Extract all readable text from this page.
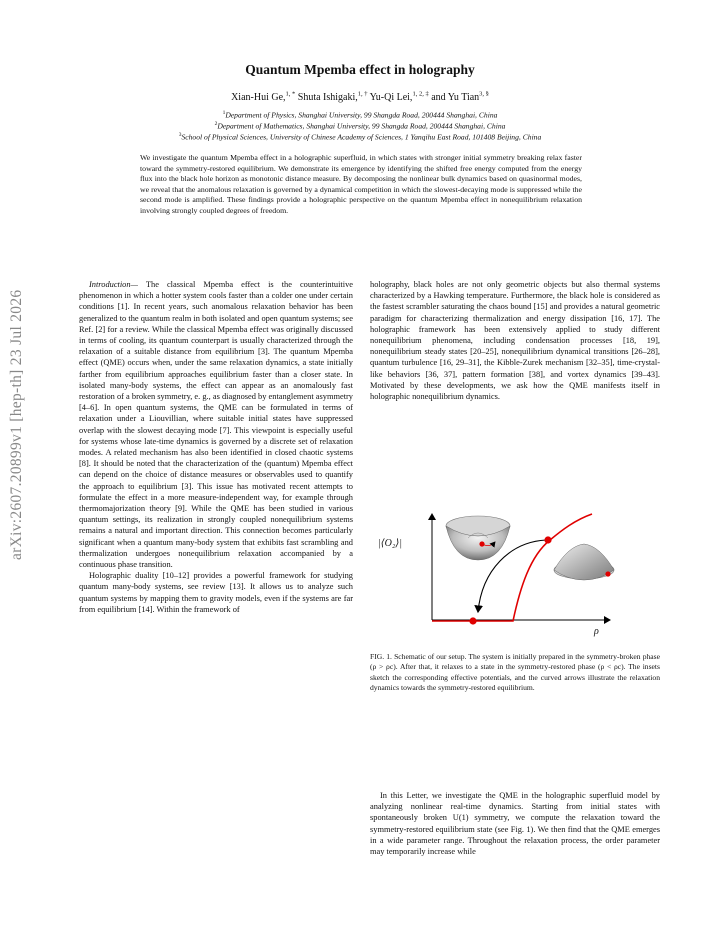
arXiv:2607.20899v1 [hep-th] 23 Jul 2026
Quantum Mpemba effect in holography
Xian-Hui Ge,$^{1, *}$ Shuta Ishigaki,$^{1, \dagger}$ Yu-Qi Lei,$^{1, 2, \ddagger}$ and Yu Tian$^{3, \S}$
$^1$Department of Physics, Shanghai University, 99 Shangda Road, 200444 Shanghai, China
$^2$Department of Mathematics, Shanghai University, 99 Shangda Road, 200444 Shanghai, China
$^3$School of Physical Sciences, University of Chinese Academy of Sciences, 1 Yanqihu East Road, 101408 Beijing, China
We investigate the quantum Mpemba effect in a holographic superfluid, in which states with stronger initial symmetry breaking relax faster toward the symmetry-restored equilibrium. We demonstrate its emergence by identifying the shifted free energy computed from the energy flux into the black hole horizon as monotonic distance measure. By decomposing the nonlinear bulk dynamics based on quasinormal modes, we reveal that the anomalous relaxation is governed by a dynamical competition in which the slowest-decaying mode is suppressed while the second mode is amplified. These findings provide a holographic perspective on the quantum Mpemba effect in nonequilibrium relaxation involving strongly coupled degrees of freedom.

Introduction— The classical Mpemba effect is the counterintuitive phenomenon in which a hotter system cools faster than a colder one under certain conditions [1]. In recent years, such anomalous relaxation behavior has been generalized to the quantum realm in both isolated and open quantum systems; see Ref. [2] for a review. While the classical Mpemba effect was originally discussed in terms of cooling, its quantum counterpart is usually characterized through the relaxation of a suitable distance from equilibrium [3]. The quantum Mpemba effect (QME) occurs when, under the same relaxation dynamics, a state initially farther from equilibrium approaches equilibrium faster than a closer state. In isolated many-body systems, the effect can appear as an anomalously fast restoration of a broken symmetry, e. g., as diagnosed by entanglement asymmetry [4–6]. In open quantum systems, the QME can be formulated in terms of relaxation under a Liouvillian, where suitable initial states have suppressed overlap with the slowest decaying mode [7]. This viewpoint is especially useful for systems whose late-time dynamics is governed by a discrete set of relaxation modes. A related mechanism has also been identified in closed chaotic systems [8]. It should be noted that the characterization of the (quantum) Mpemba effect can depend on the choice of distance measures or observables used to quantify the approach to equilibrium [3]. This issue has motivated recent attempts to formulate the effect in a more measure-independent way, for example through thermomajorization theory [9]. While the QME has been studied in various quantum settings, its realization in strongly coupled nonequilibrium systems remains a natural and important direction. This connection becomes particularly significant when a quantum many-body system that exhibits fast scrambling and thermalization undergoes nonequilibrium relaxation accompanied by a continuous phase transition.

Holographic duality [10–12] provides a powerful framework for studying quantum many-body systems, see review [13]. It allows us to analyze such quantum systems by mapping them to gravity models, even if the systems are far from equilibrium [14]. Within the framework of

holography, black holes are not only geometric objects but also thermal systems characterized by a Hawking temperature. Furthermore, the black hole is considered as the fastest scrambler saturating the chaos bound [15] and provides a natural geometric paradigm for characterizing thermalization and energy dissipation [16, 17]. The holographic framework has been extensively applied to study different nonequilibrium phenomena, including condensation processes [18, 19], nonequilibrium steady states [20–25], nonequilibrium dynamical transitions [26–28], quantum turbulence [16, 29–31], the Kibble-Zurek mechanism [32–35], time-crystal-like behaviors [36, 37], pattern formation [38], and vortex dynamics [39–43]. Motivated by these developments, we ask how the QME manifests itself in holographic nonequilibrium dynamics.

|⟨O₂⟩|
ρ
FIG. 1. Schematic of our setup. The system is initially prepared in the symmetry-broken phase (ρ > ρc). After that, it relaxes to a state in the symmetry-restored phase (ρ < ρc). The insets sketch the corresponding effective potentials, and the curved arrows illustrate the relaxation dynamics towards the symmetry-restored equilibrium.

In this Letter, we investigate the QME in the holographic superfluid model by analyzing nonlinear real-time dynamics. Starting from initial states with spontaneously broken U(1) symmetry, we compute the relaxation toward the symmetry-restored equilibrium state (see Fig. 1). We then find that the QME emerges in a wide parameter range. Throughout the relaxation process, the order parameter may temporarily increase while
